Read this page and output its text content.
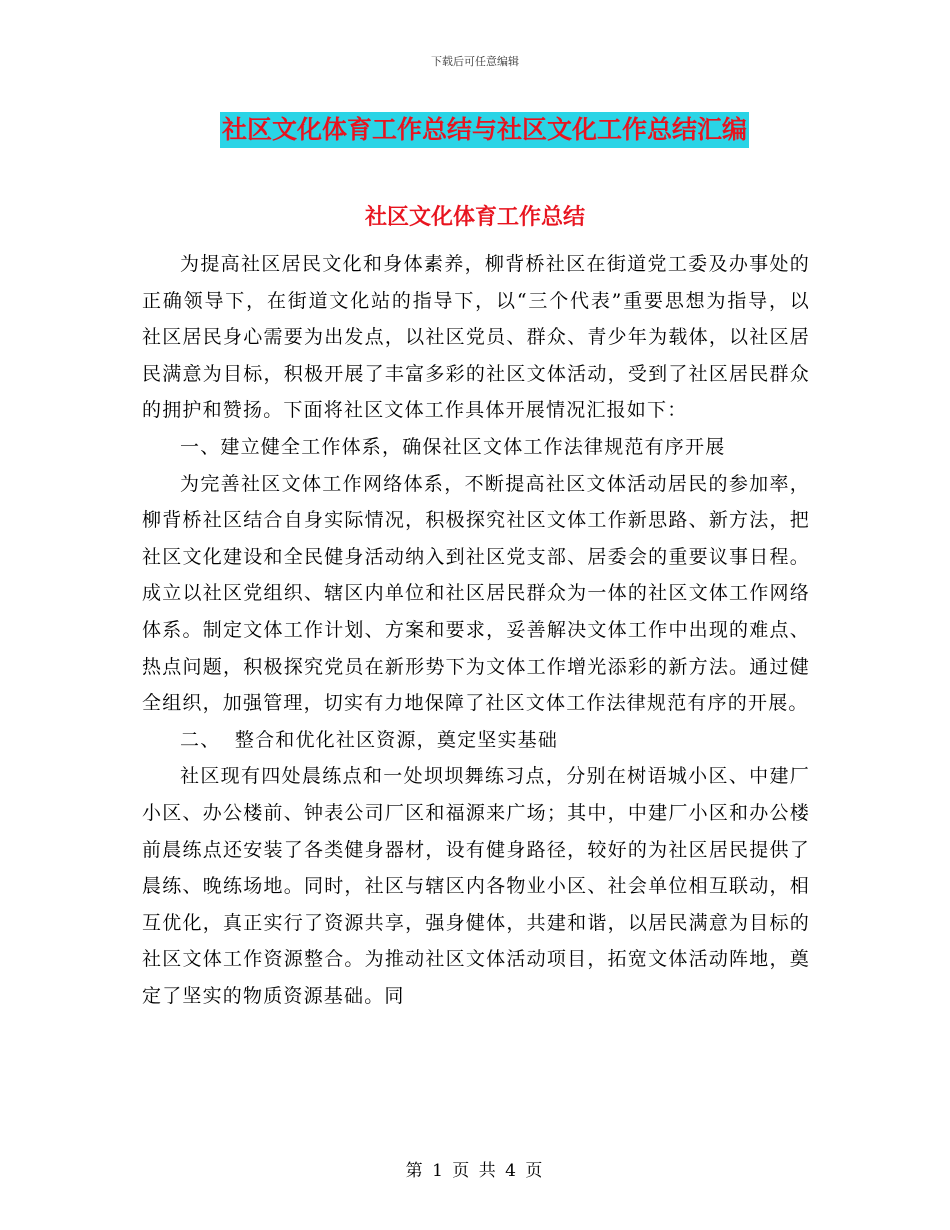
下载后可任意编辑
社区文化体育工作总结与社区文化工作总结汇编
社区文化体育工作总结

为提高社区居民文化和身体素养，柳背桥社区在街道党工委及办事处的正确领导下，在街道文化站的指导下，以“三个代表”重要思想为指导，以社区居民身心需要为出发点，以社区党员、群众、青少年为载体，以社区居民满意为目标，积极开展了丰富多彩的社区文体活动，受到了社区居民群众的拥护和赞扬。下面将社区文体工作具体开展情况汇报如下：

一、建立健全工作体系，确保社区文体工作法律规范有序开展

为完善社区文体工作网络体系，不断提高社区文体活动居民的参加率，柳背桥社区结合自身实际情况，积极探究社区文体工作新思路、新方法，把社区文化建设和全民健身活动纳入到社区党支部、居委会的重要议事日程。成立以社区党组织、辖区内单位和社区居民群众为一体的社区文体工作网络体系。制定文体工作计划、方案和要求，妥善解决文体工作中出现的难点、热点问题，积极探究党员在新形势下为文体工作增光添彩的新方法。通过健全组织，加强管理，切实有力地保障了社区文体工作法律规范有序的开展。

二、  整合和优化社区资源，奠定坚实基础

社区现有四处晨练点和一处坝坝舞练习点，分别在树语城小区、中建厂小区、办公楼前、钟表公司厂区和福源来广场；其中，中建厂小区和办公楼前晨练点还安装了各类健身器材，设有健身路径，较好的为社区居民提供了晨练、晚练场地。同时，社区与辖区内各物业小区、社会单位相互联动，相互优化，真正实行了资源共享，强身健体，共建和谐，以居民满意为目标的社区文体工作资源整合。为推动社区文体活动项目，拓宽文体活动阵地，奠定了坚实的物质资源基础。同

第 1 页 共 4 页
